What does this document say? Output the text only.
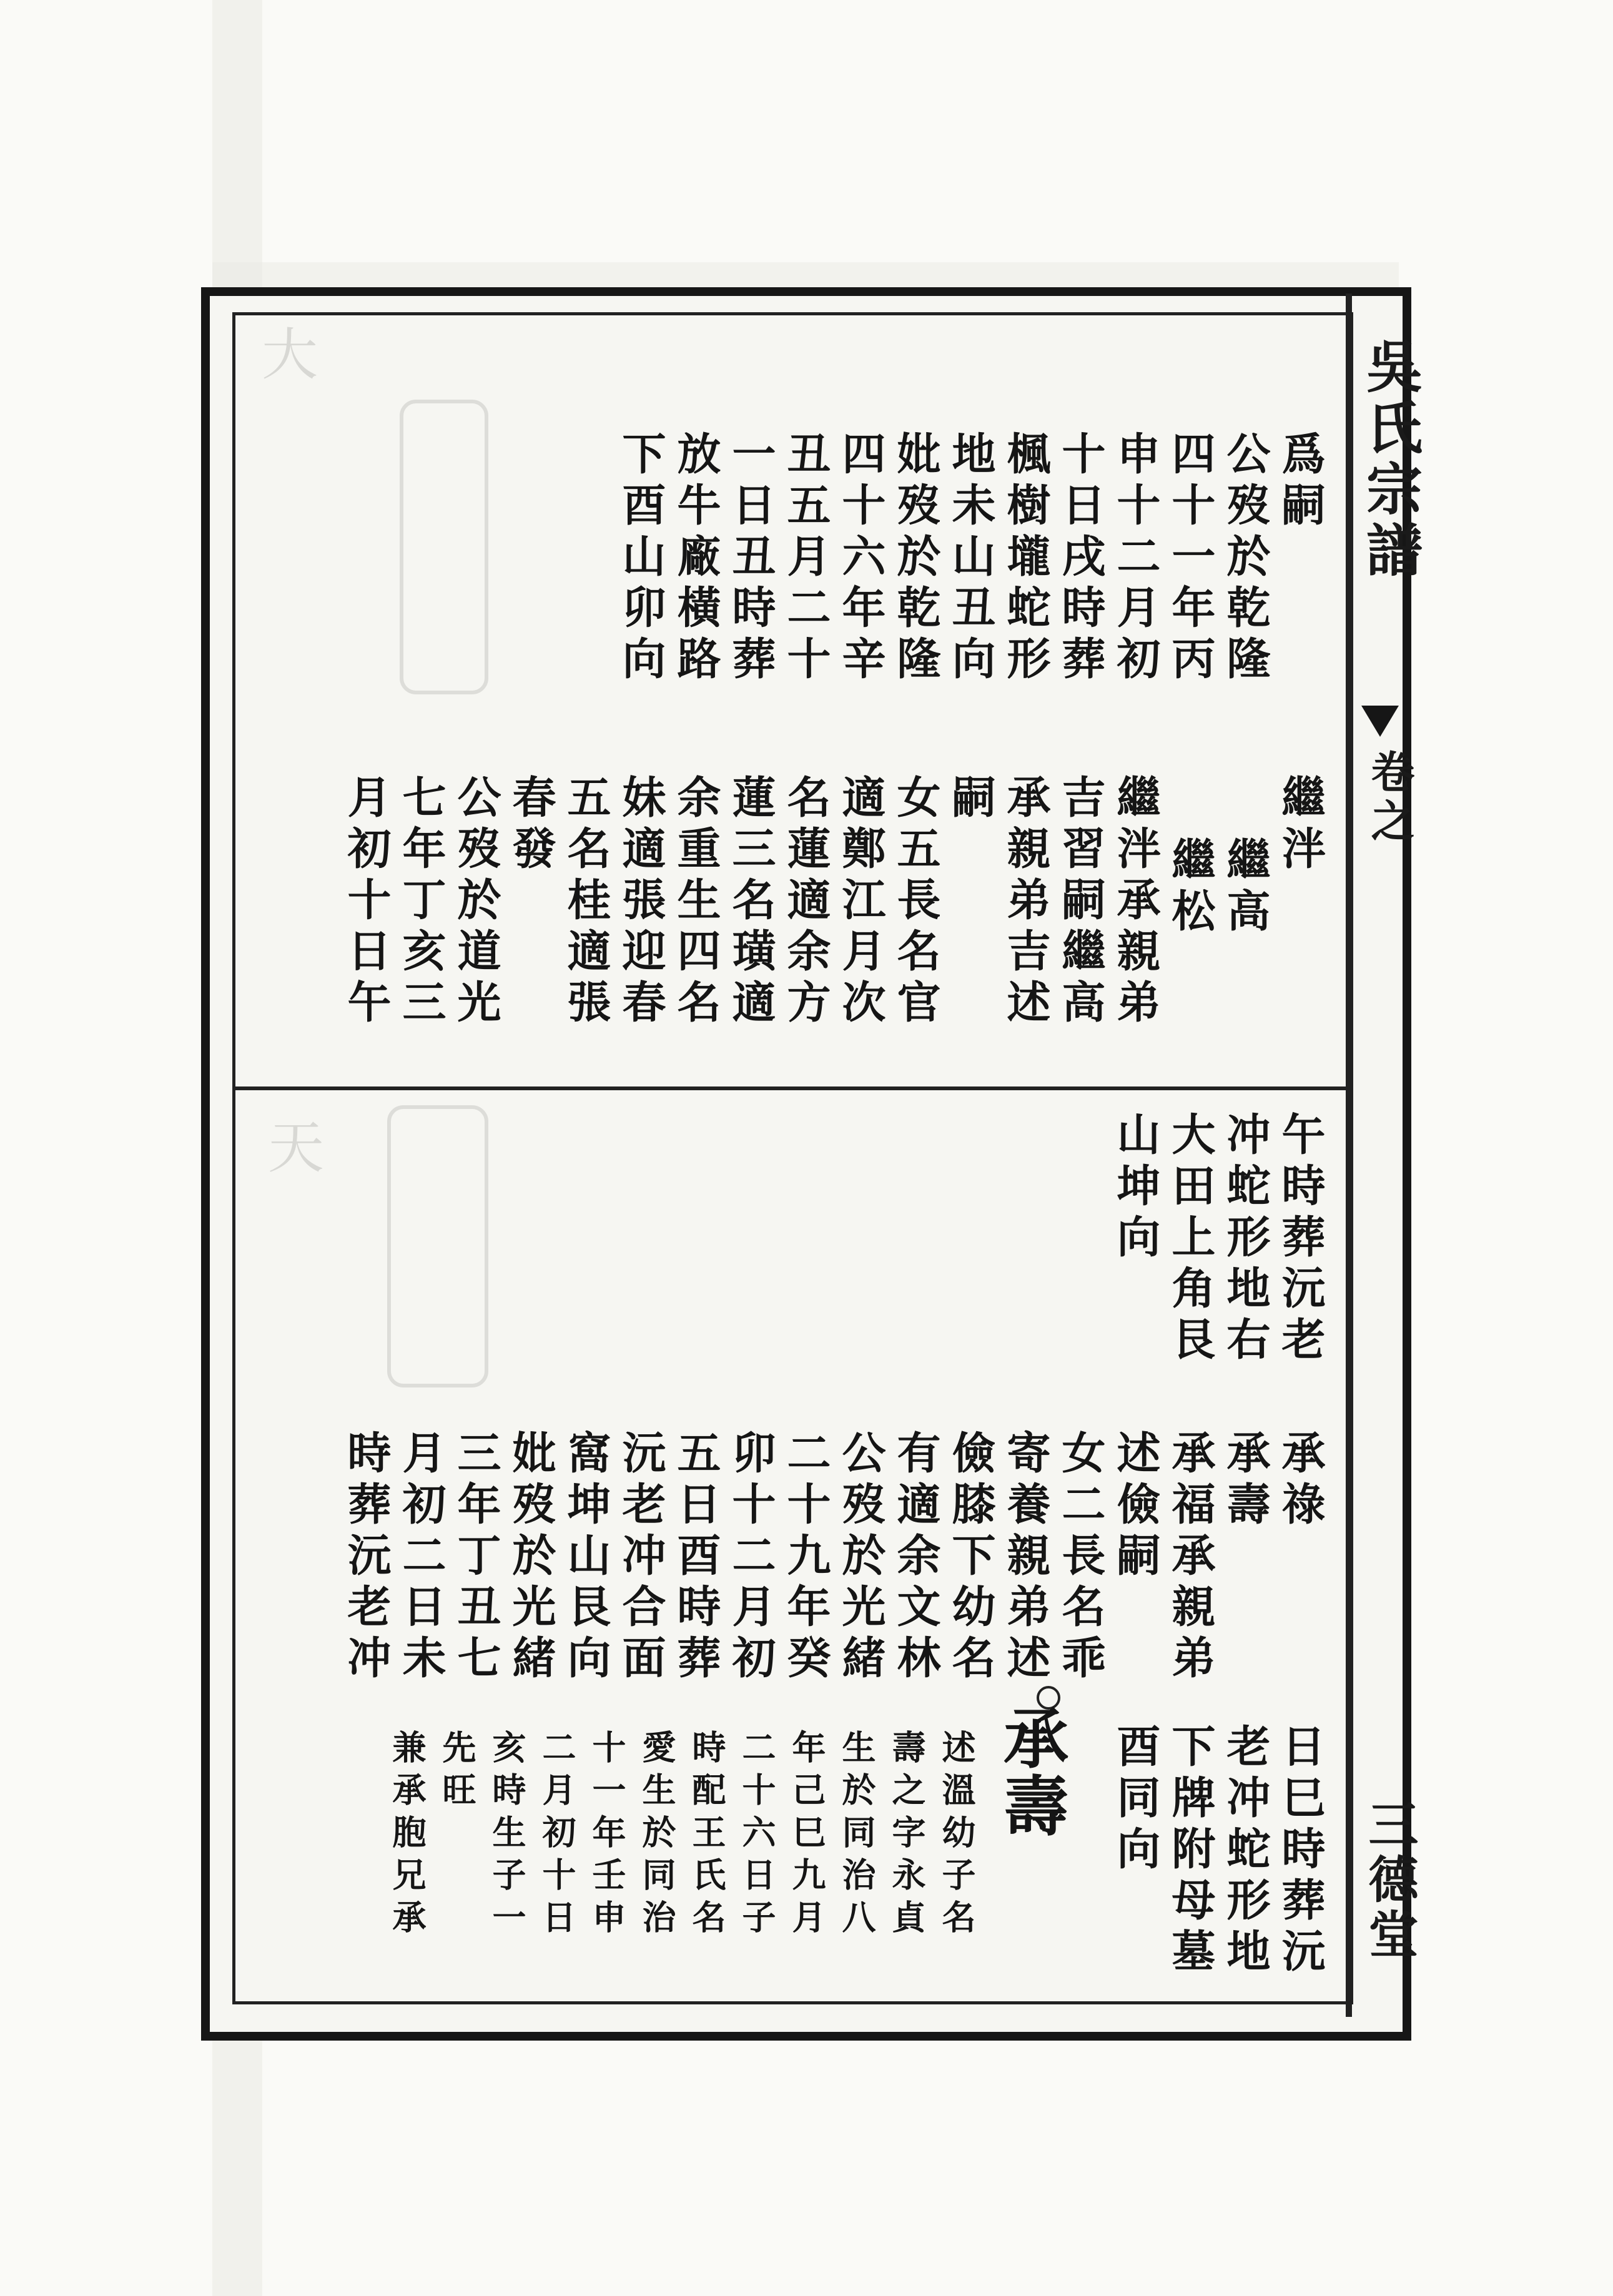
大
天
吳氏宗譜
卷之
三德堂
爲嗣
公歿於乾隆
四十一年丙
申十二月初
十日戌時葬
楓樹壠蛇形
地未山丑向
妣歿於乾隆
四十六年辛
丑五月二十
一日丑時葬
放牛廠橫路
下酉山卯向
繼泮
繼高
繼松
繼泮承親弟
吉習嗣繼高
承親弟吉述
嗣
女五長名官
適鄭江月次
名蓮適余方
蓮三名璜適
余重生四名
妹適張迎春
五名桂適張
春發
公歿於道光
七年丁亥三
月初十日午
午時葬沅老
冲蛇形地右
大田上角艮
山坤向
承祿
承壽
承福承親弟
述儉嗣
女二長名乖
寄養親弟述
儉膝下幼名
有適余文林
公歿於光緒
二十九年癸
卯十二月初
五日酉時葬
沅老冲合面
窩坤山艮向
妣歿於光緒
三年丁丑七
月初二日未
時葬沅老冲
日巳時葬沅
老冲蛇形地
下牌附母墓
酉同向
承壽
述溫幼子名
壽之字永貞
生於同治八
年己巳九月
二十六日子
時配王氏名
愛生於同治
十一年壬申
二月初十日
亥時生子一
先旺
兼承胞兄承
